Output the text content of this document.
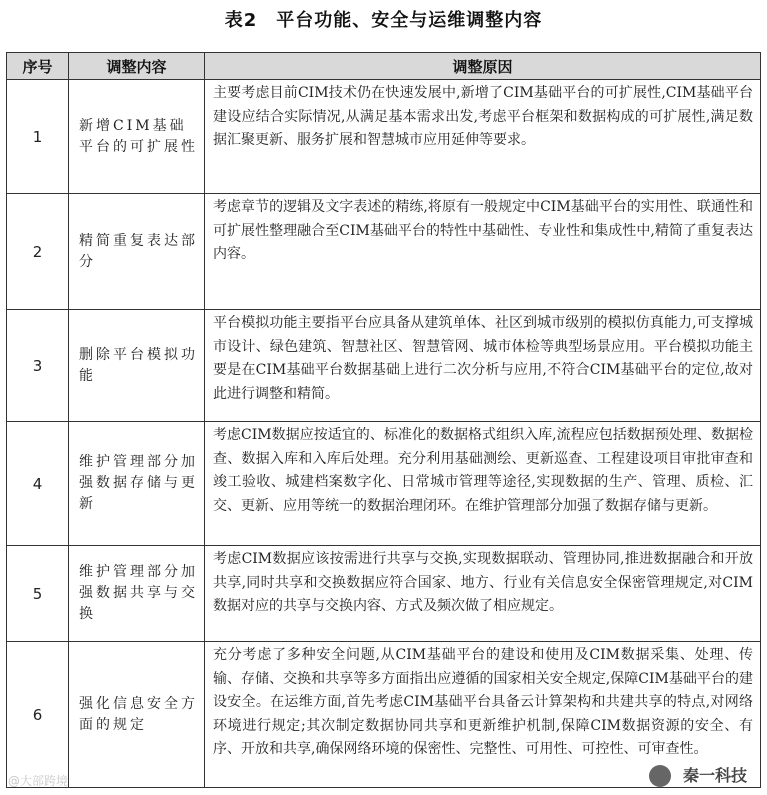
表2　平台功能、安全与运维调整内容
序号	调整内容	调整原因
1	新增CIM基础平台的可扩展性	主要考虑目前CIM技术仍在快速发展中,新增了CIM基础平台的可扩展性,CIM基础平台建设应结合实际情况,从满足基本需求出发,考虑平台框架和数据构成的可扩展性,满足数据汇聚更新、服务扩展和智慧城市应用延伸等要求。
2	精简重复表达部分	考虑章节的逻辑及文字表述的精练,将原有一般规定中CIM基础平台的实用性、联通性和可扩展性整理融合至CIM基础平台的特性中基础性、专业性和集成性中,精简了重复表达内容。
3	删除平台模拟功能	平台模拟功能主要指平台应具备从建筑单体、社区到城市级别的模拟仿真能力,可支撑城市设计、绿色建筑、智慧社区、智慧管网、城市体检等典型场景应用。平台模拟功能主要是在CIM基础平台数据基础上进行二次分析与应用,不符合CIM基础平台的定位,故对此进行调整和精简。
4	维护管理部分加强数据存储与更新	考虑CIM数据应按适宜的、标准化的数据格式组织入库,流程应包括数据预处理、数据检查、数据入库和入库后处理。充分利用基础测绘、更新巡查、工程建设项目审批审查和竣工验收、城建档案数字化、日常城市管理等途径,实现数据的生产、管理、质检、汇交、更新、应用等统一的数据治理闭环。在维护管理部分加强了数据存储与更新。
5	维护管理部分加强数据共享与交换	考虑CIM数据应该按需进行共享与交换,实现数据联动、管理协同,推进数据融合和开放共享,同时共享和交换数据应符合国家、地方、行业有关信息安全保密管理规定,对CIM数据对应的共享与交换内容、方式及频次做了相应规定。
6	强化信息安全方面的规定	充分考虑了多种安全问题,从CIM基础平台的建设和使用及CIM数据采集、处理、传输、存储、交换和共享等多方面指出应遵循的国家相关安全规定,保障CIM基础平台的建设安全。在运维方面,首先考虑CIM基础平台具备云计算架构和共建共享的特点,对网络环境进行规定;其次制定数据协同共享和更新维护机制,保障CIM数据资源的安全、有序、开放和共享,确保网络环境的保密性、完整性、可用性、可控性、可审查性。
@大部跨境	秦一科技
